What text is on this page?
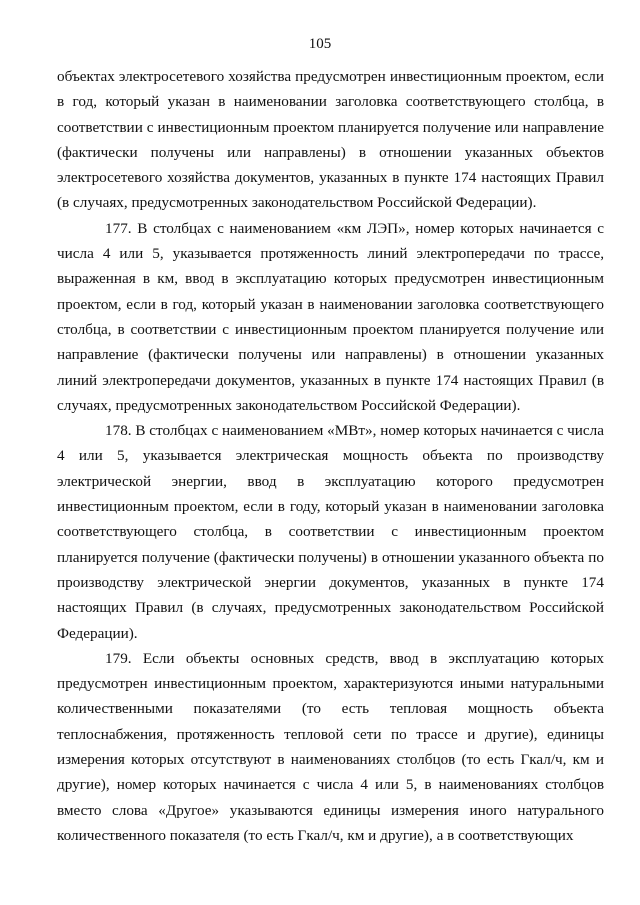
105

объектах электросетевого хозяйства предусмотрен инвестиционным проектом, если в год, который указан в наименовании заголовка соответствующего столбца, в соответствии с инвестиционным проектом планируется получение или направление (фактически получены или направлены) в отношении указанных объектов электросетевого хозяйства документов, указанных в пункте 174 настоящих Правил (в случаях, предусмотренных законодательством Российской Федерации).

177. В столбцах с наименованием «км ЛЭП», номер которых начинается с числа 4 или 5, указывается протяженность линий электропередачи по трассе, выраженная в км, ввод в эксплуатацию которых предусмотрен инвестиционным проектом, если в год, который указан в наименовании заголовка соответствующего столбца, в соответствии с инвестиционным проектом планируется получение или направление (фактически получены или направлены) в отношении указанных линий электропередачи документов, указанных в пункте 174 настоящих Правил (в случаях, предусмотренных законодательством Российской Федерации).

178. В столбцах с наименованием «МВт», номер которых начинается с числа 4 или 5, указывается электрическая мощность объекта по производству электрической энергии, ввод в эксплуатацию которого предусмотрен инвестиционным проектом, если в году, который указан в наименовании заголовка соответствующего столбца, в соответствии с инвестиционным проектом планируется получение (фактически получены) в отношении указанного объекта по производству электрической энергии документов, указанных в пункте 174 настоящих Правил (в случаях, предусмотренных законодательством Российской Федерации).

179. Если объекты основных средств, ввод в эксплуатацию которых предусмотрен инвестиционным проектом, характеризуются иными натуральными количественными показателями (то есть тепловая мощность объекта теплоснабжения, протяженность тепловой сети по трассе и другие), единицы измерения которых отсутствуют в наименованиях столбцов (то есть Гкал/ч, км и другие), номер которых начинается с числа 4 или 5, в наименованиях столбцов вместо слова «Другое» указываются единицы измерения иного натурального количественного показателя (то есть Гкал/ч, км и другие), а в соответствующих
